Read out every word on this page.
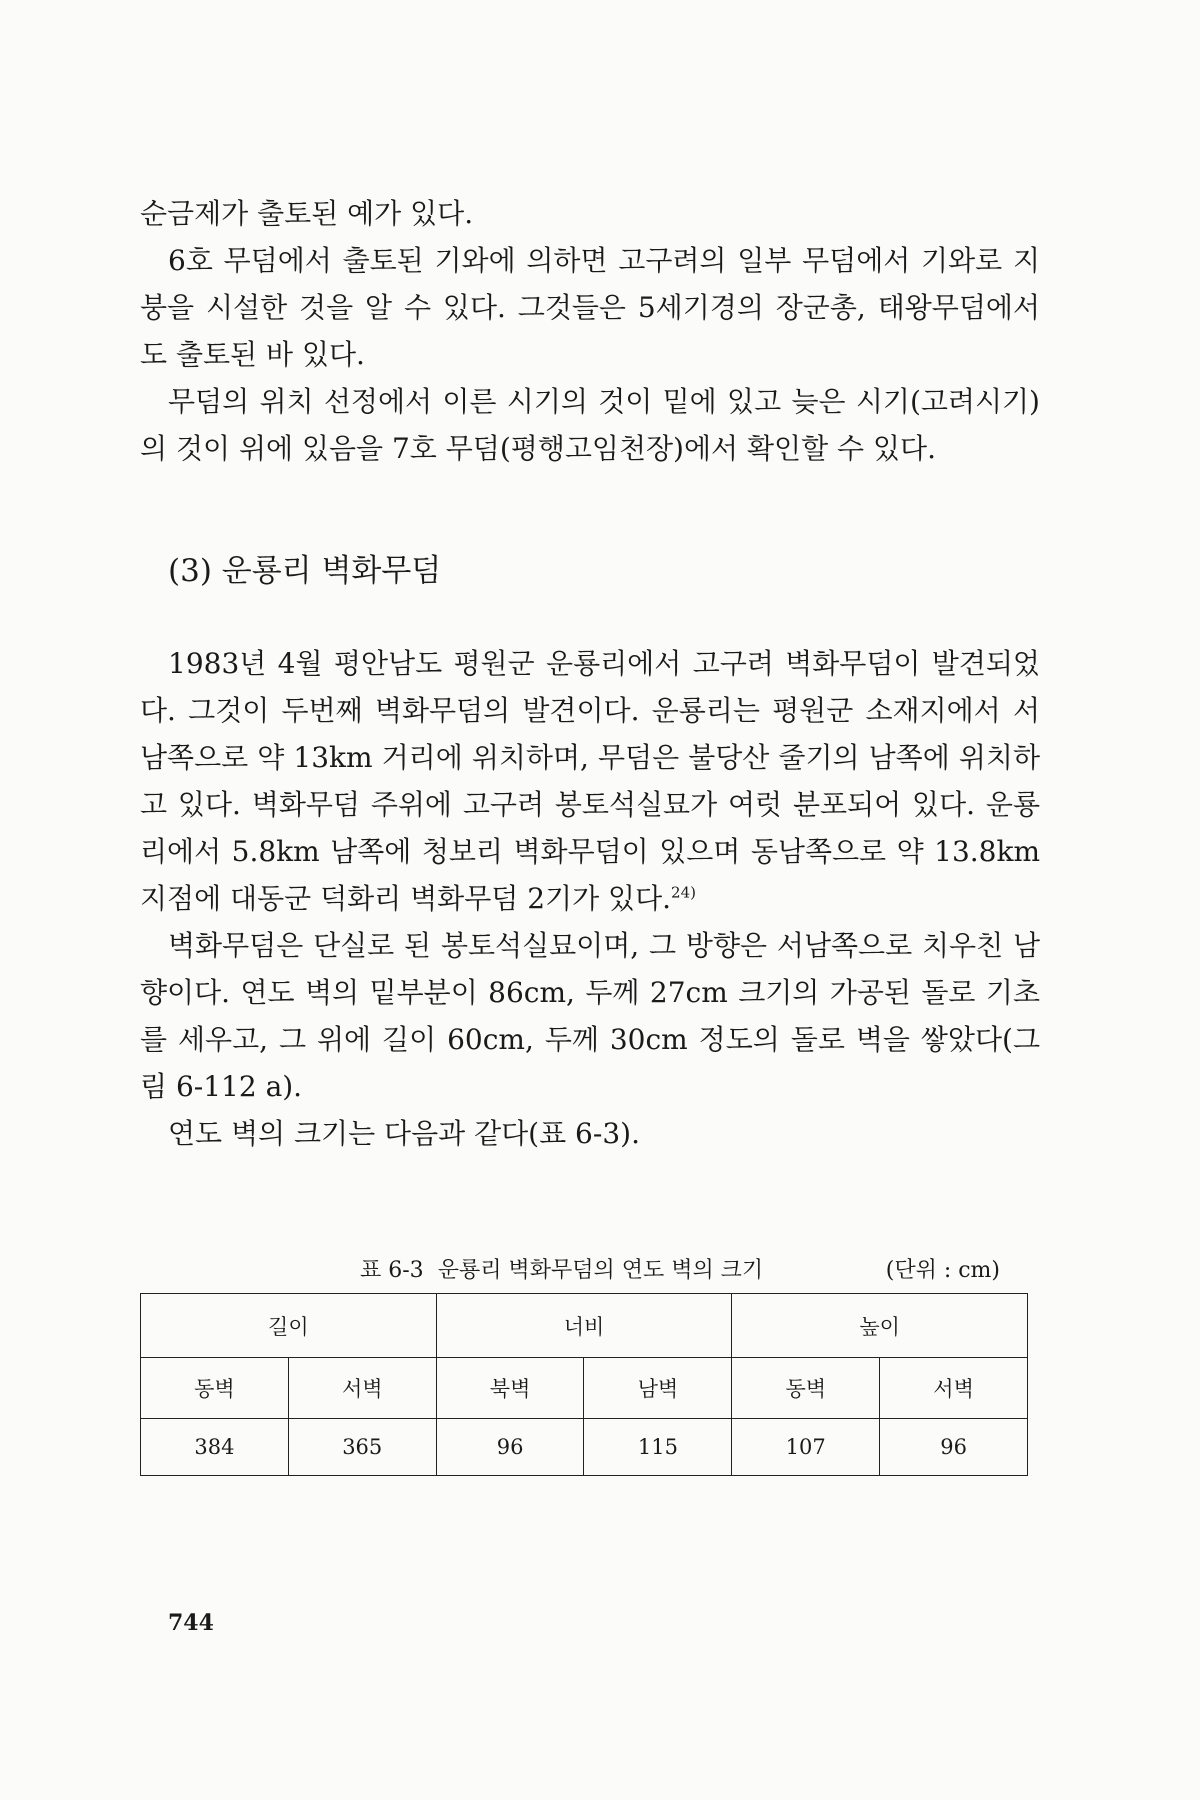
순금제가 출토된 예가 있다.

6호 무덤에서 출토된 기와에 의하면 고구려의 일부 무덤에서 기와로 지붕을 시설한 것을 알 수 있다. 그것들은 5세기경의 장군총, 태왕무덤에서도 출토된 바 있다.

무덤의 위치 선정에서 이른 시기의 것이 밑에 있고 늦은 시기(고려시기)의 것이 위에 있음을 7호 무덤(평행고임천장)에서 확인할 수 있다.

(3) 운룡리 벽화무덤

1983년 4월 평안남도 평원군 운룡리에서 고구려 벽화무덤이 발견되었다. 그것이 두번째 벽화무덤의 발견이다. 운룡리는 평원군 소재지에서 서남쪽으로 약 13km 거리에 위치하며, 무덤은 불당산 줄기의 남쪽에 위치하고 있다. 벽화무덤 주위에 고구려 봉토석실묘가 여럿 분포되어 있다. 운룡리에서 5.8km 남쪽에 청보리 벽화무덤이 있으며 동남쪽으로 약 13.8km 지점에 대동군 덕화리 벽화무덤 2기가 있다.$^{24)}$

벽화무덤은 단실로 된 봉토석실묘이며, 그 방향은 서남쪽으로 치우친 남향이다. 연도 벽의 밑부분이 86cm, 두께 27cm 크기의 가공된 돌로 기초를 세우고, 그 위에 길이 60cm, 두께 30cm 정도의 돌로 벽을 쌓았다(그림 6-112 a).

연도 벽의 크기는 다음과 같다(표 6-3).

표 6-3 운룡리 벽화무덤의 연도 벽의 크기	(단위 : cm)
길이		너비		높이	
동벽	서벽	북벽	남벽	동벽	서벽
384	365	96	115	107	96

744
